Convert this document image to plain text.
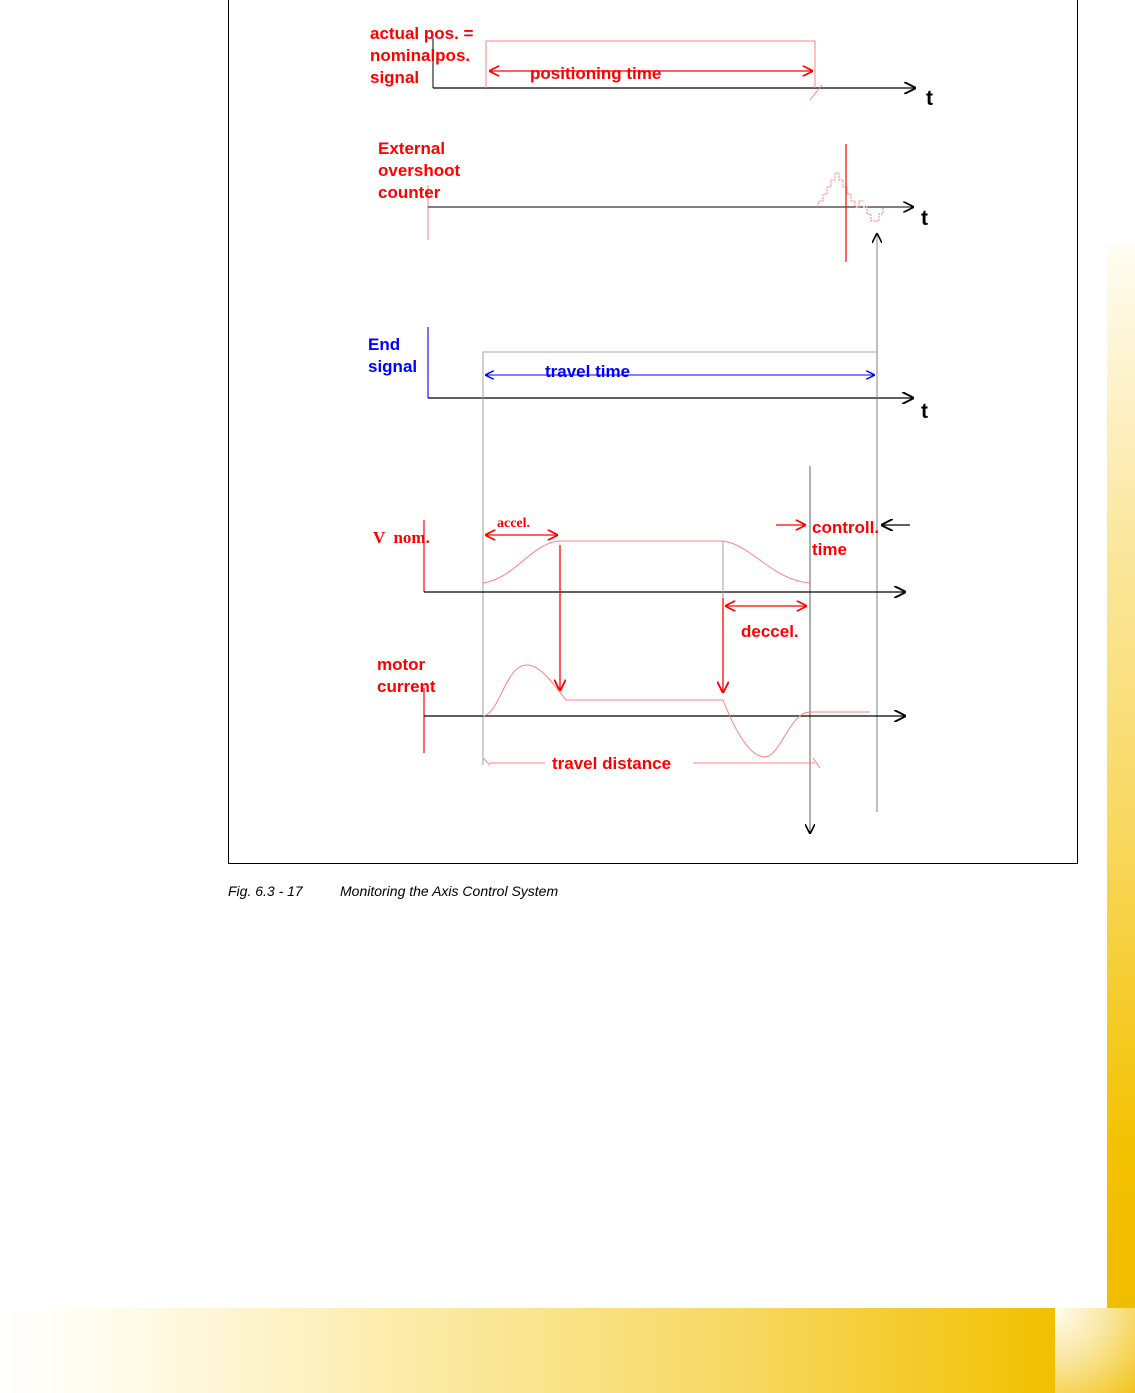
actual pos. =
nominalpos.
signal	positioning time
t
External
overshoot
counter
t
End
signal	travel time
t
V  nom.
accel.	controll.
time
deccel.
motor
current
travel distance
Fig. 6.3 - 17	Monitoring the Axis Control System
